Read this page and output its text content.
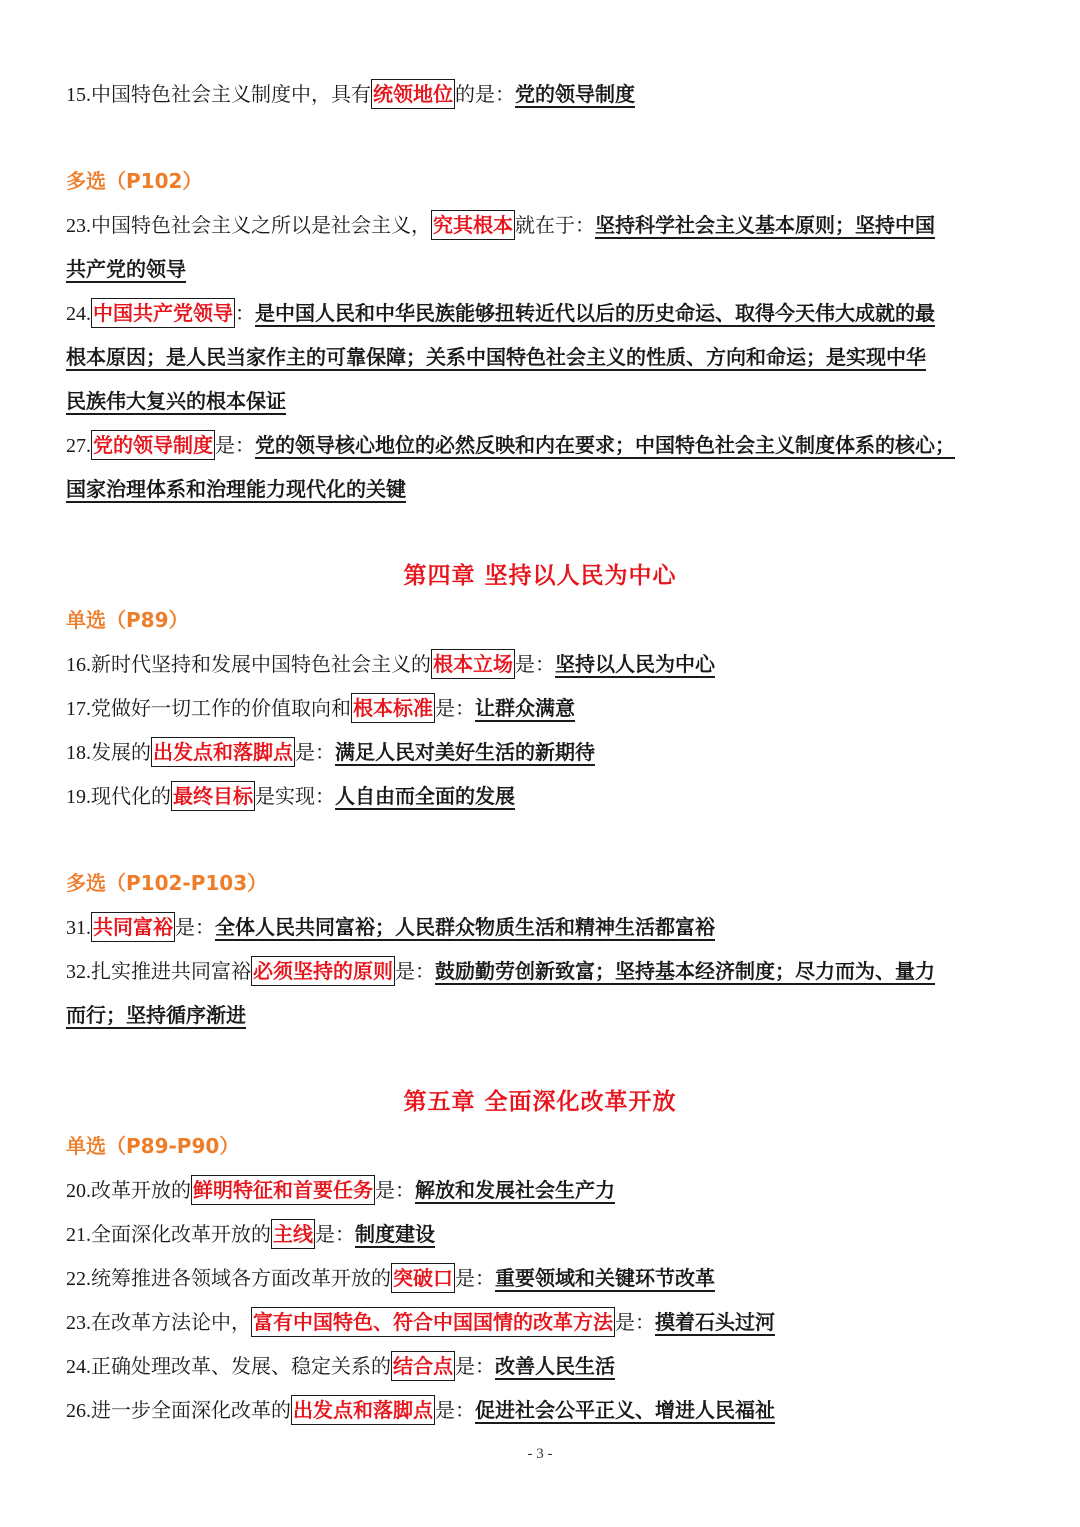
15.中国特色社会主义制度中，具有 统领地位 的是：党的领导制度
多选（P102）
23.中国特色社会主义之所以是社会主义， 究其根本 就在于：坚持科学社会主义基本原则；坚持中国
共产党的领导
24. 中国共产党领导 ：是中国人民和中华民族能够扭转近代以后的历史命运、取得今天伟大成就的最
根本原因；是人民当家作主的可靠保障；关系中国特色社会主义的性质、方向和命运；是实现中华
民族伟大复兴的根本保证
27. 党的领导制度 是：党的领导核心地位的必然反映和内在要求；中国特色社会主义制度体系的核心；
国家治理体系和治理能力现代化的关键
第四章 坚持以人民为中心
单选（P89）
16.新时代坚持和发展中国特色社会主义的 根本立场 是：坚持以人民为中心
17.党做好一切工作的价值取向和 根本标准 是：让群众满意
18.发展的 出发点和落脚点 是：满足人民对美好生活的新期待
19.现代化的 最终目标 是实现：人自由而全面的发展
多选（P102-P103）
31. 共同富裕 是：全体人民共同富裕；人民群众物质生活和精神生活都富裕
32.扎实推进共同富裕 必须坚持的原则 是：鼓励勤劳创新致富；坚持基本经济制度；尽力而为、量力
而行；坚持循序渐进
第五章 全面深化改革开放
单选（P89-P90）
20.改革开放的 鲜明特征和首要任务 是：解放和发展社会生产力
21.全面深化改革开放的 主线 是：制度建设
22.统筹推进各领域各方面改革开放的 突破口 是：重要领域和关键环节改革
23.在改革方法论中， 富有中国特色、符合中国国情的改革方法 是：摸着石头过河
24.正确处理改革、发展、稳定关系的 结合点 是：改善人民生活
26.进一步全面深化改革的 出发点和落脚点 是：促进社会公平正义、增进人民福祉
- 3 -
